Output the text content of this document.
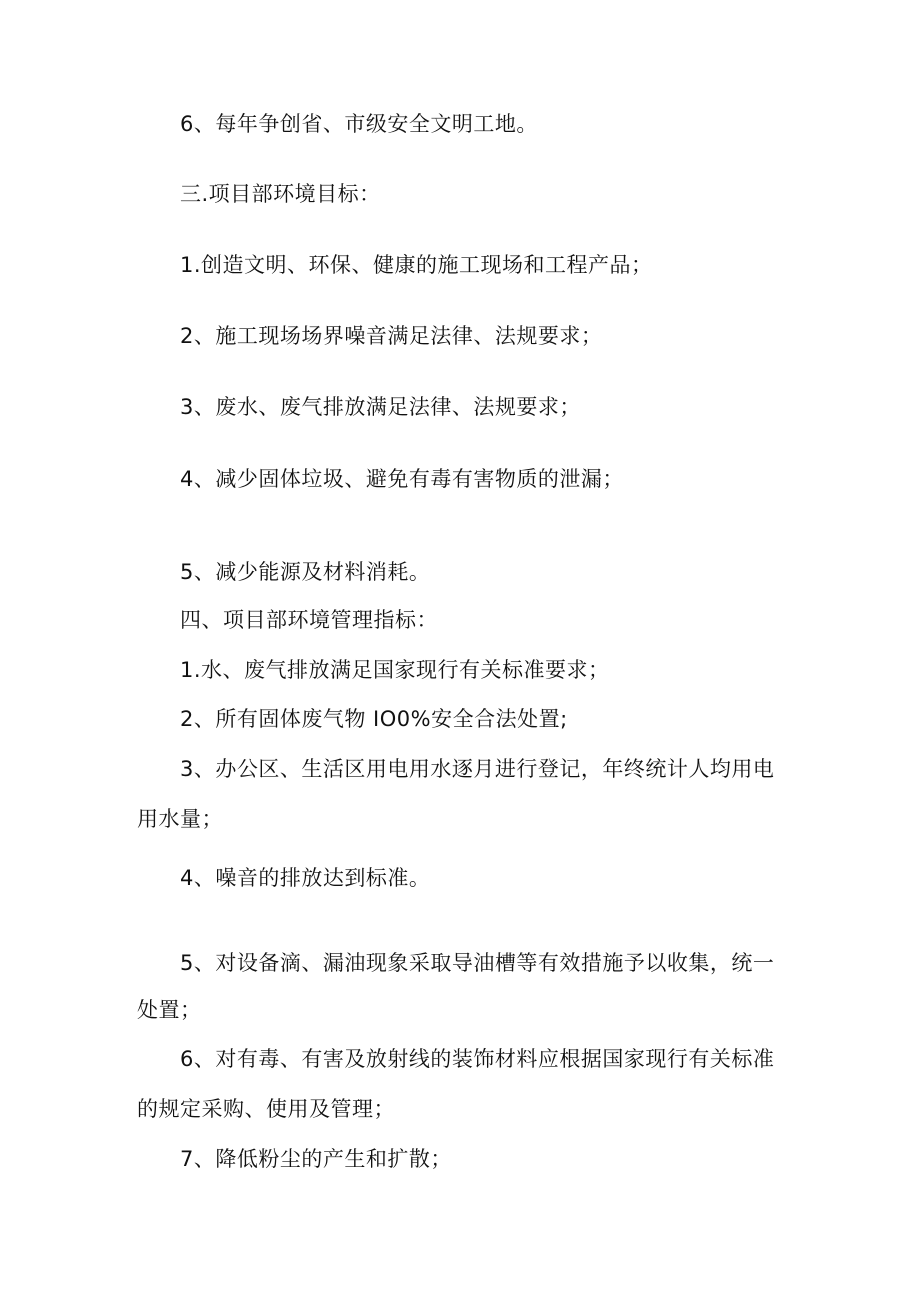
6、每年争创省、市级安全文明工地。
三.项目部环境目标：
1.创造文明、环保、健康的施工现场和工程产品；
2、施工现场场界噪音满足法律、法规要求；
3、废水、废气排放满足法律、法规要求；
4、减少固体垃圾、避免有毒有害物质的泄漏；
5、减少能源及材料消耗。
四、项目部环境管理指标：
1.水、废气排放满足国家现行有关标准要求；
2、所有固体废气物 IO0%安全合法处置;
3、办公区、生活区用电用水逐月进行登记，年终统计人均用电
用水量；
4、噪音的排放达到标准。
5、对设备滴、漏油现象采取导油槽等有效措施予以收集，统一
处置；
6、对有毒、有害及放射线的装饰材料应根据国家现行有关标准
的规定采购、使用及管理；
7、降低粉尘的产生和扩散；
